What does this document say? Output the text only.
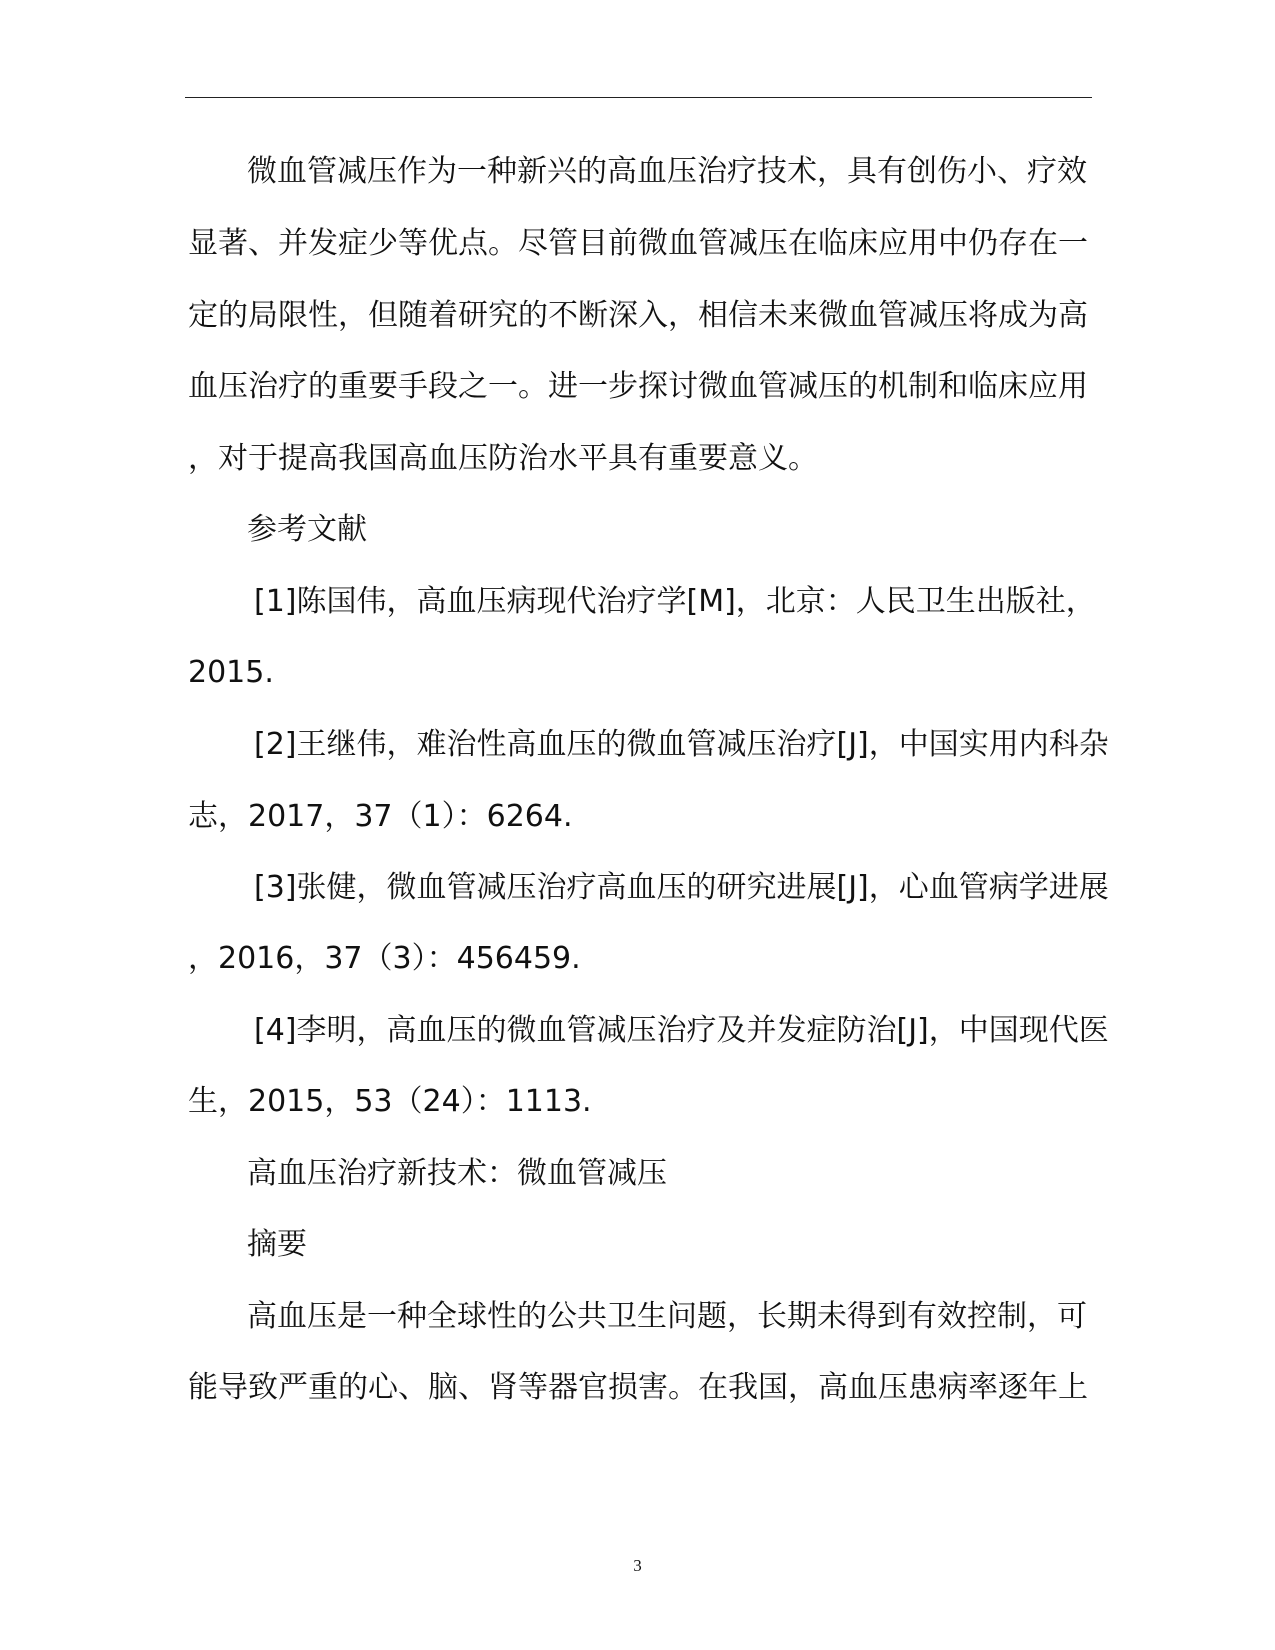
微血管减压作为一种新兴的高血压治疗技术，具有创伤小、疗效
显著、并发症少等优点。尽管目前微血管减压在临床应用中仍存在一
定的局限性，但随着研究的不断深入，相信未来微血管减压将成为高
血压治疗的重要手段之一。进一步探讨微血管减压的机制和临床应用
，对于提高我国高血压防治水平具有重要意义。
参考文献
[1]陈国伟，高血压病现代治疗学[M]，北京：人民卫生出版社，
2015.
[2]王继伟，难治性高血压的微血管减压治疗[J]，中国实用内科杂
志，2017，37（1）：6264.
[3]张健，微血管减压治疗高血压的研究进展[J]，心血管病学进展
，2016，37（3）：456459.
[4]李明，高血压的微血管减压治疗及并发症防治[J]，中国现代医
生，2015，53（24）：1113.
高血压治疗新技术：微血管减压
摘要
高血压是一种全球性的公共卫生问题，长期未得到有效控制，可
能导致严重的心、脑、肾等器官损害。在我国，高血压患病率逐年上
3
